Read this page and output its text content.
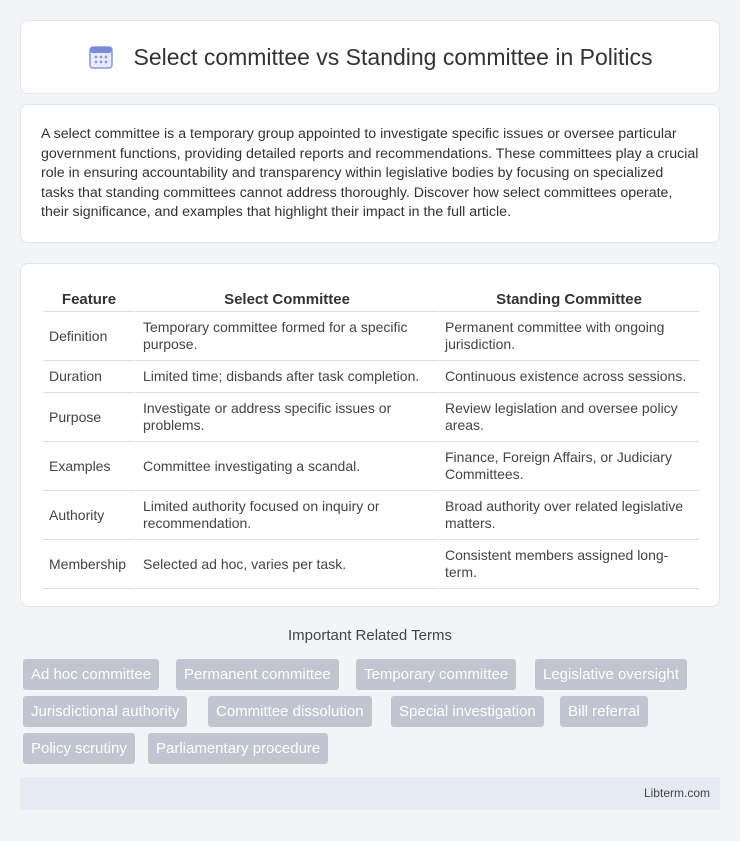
Select committee vs Standing committee in Politics

A select committee is a temporary group appointed to investigate specific issues or oversee particular government functions, providing detailed reports and recommendations. These committees play a crucial role in ensuring accountability and transparency within legislative bodies by focusing on specialized tasks that standing committees cannot address thoroughly. Discover how select committees operate, their significance, and examples that highlight their impact in the full article.

Feature	Select Committee	Standing Committee
Definition	Temporary committee formed for a specific purpose.	Permanent committee with ongoing jurisdiction.
Duration	Limited time; disbands after task completion.	Continuous existence across sessions.
Purpose	Investigate or address specific issues or problems.	Review legislation and oversee policy areas.
Examples	Committee investigating a scandal.	Finance, Foreign Affairs, or Judiciary Committees.
Authority	Limited authority focused on inquiry or recommendation.	Broad authority over related legislative matters.
Membership	Selected ad hoc, varies per task.	Consistent members assigned long-term.
Important Related Terms
Ad hoc committee	Permanent committee	Temporary committee	Legislative oversight
Jurisdictional authority	Committee dissolution	Special investigation	Bill referral
Policy scrutiny	Parliamentary procedure
Libterm.com
